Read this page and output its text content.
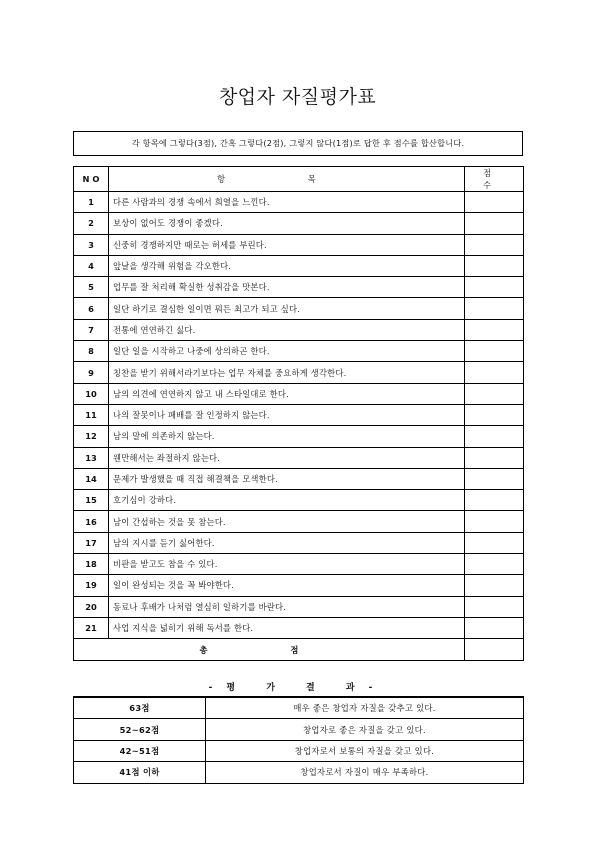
창업자 자질평가표
각 항목에 그렇다(3점), 간혹 그렇다(2점), 그렇지 않다(1점)로 답한 후 점수를 합산합니다.
N O	항 목	점 수
1	다른 사람과의 경쟁 속에서 희열을 느낀다.	
2	보상이 없어도 경쟁이 좋겠다.	
3	신중히 경쟁하지만 때로는 허세를 부린다.	
4	앞날을 생각해 위험을 각오한다.	
5	업무를 잘 처리해 확실한 성취감을 맛본다.	
6	일단 하기로 결심한 일이면 뭐든 최고가 되고 싶다.	
7	전통에 연연하긴 싫다.	
8	일단 일을 시작하고 나중에 상의하곤 한다.	
9	칭찬을 받기 위해서라기보다는 업무 자체를 중요하게 생각한다.	
10	남의 의견에 연연하지 않고 내 스타일대로 한다.	
11	나의 잘못이나 패배를 잘 인정하지 않는다.	
12	남의 말에 의존하지 않는다.	
13	웬만해서는 좌절하지 않는다.	
14	문제가 발생했을 때 직접 해결책을 모색한다.	
15	호기심이 강하다.	
16	남이 간섭하는 것을 못 참는다.	
17	남의 지시를 듣기 싫어한다.	
18	비판을 받고도 참을 수 있다.	
19	일이 완성되는 것을 꼭 봐야한다.	
20	동료나 후배가 나처럼 열심히 일하기를 바란다.	
21	사업 지식을 넓히기 위해 독서를 한다.	
총 점		
-평 가 결 과-
63점	매우 좋은 창업자 자질을 갖추고 있다.
52~62점	창업자로 좋은 자질을 갖고 있다.
42~51점	창업자로서 보통의 자질을 갖고 있다.
41점 이하	창업자로서 자질이 매우 부족하다.
